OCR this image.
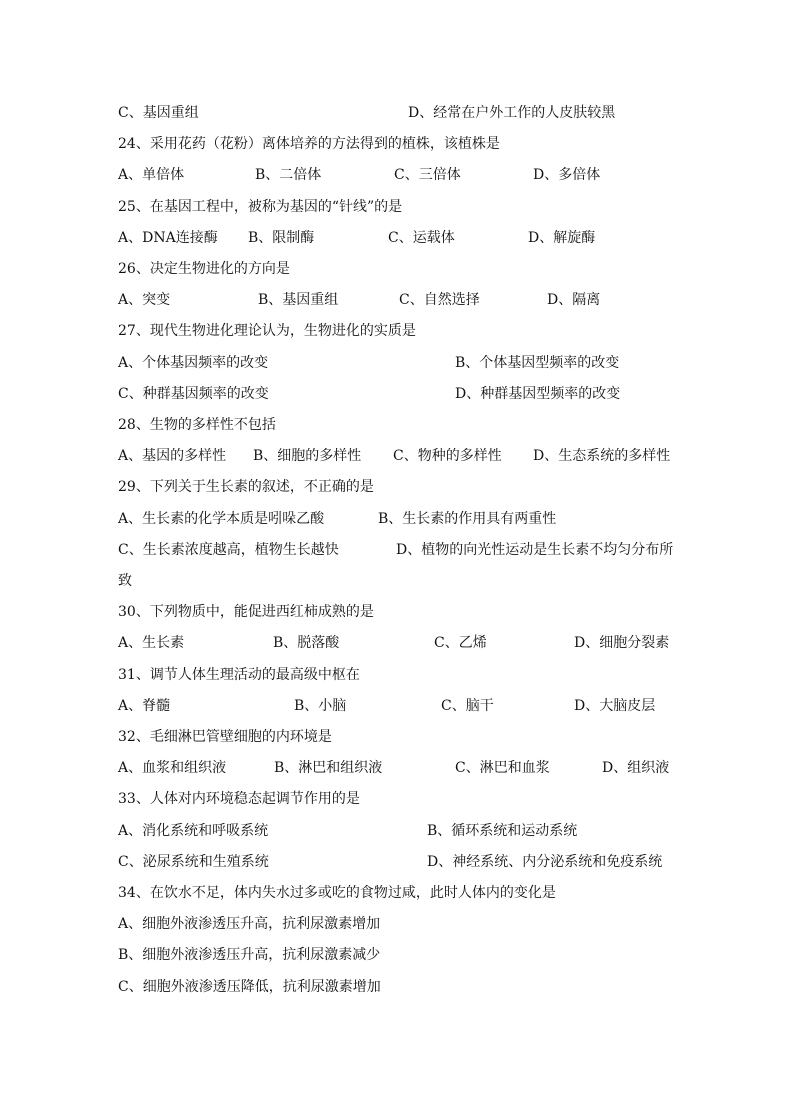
C、基因重组	D、经常在户外工作的人皮肤较黑
24、采用花药（花粉）离体培养的方法得到的植株，该植株是
A、单倍体	B、二倍体	C、三倍体	D、多倍体
25、在基因工程中，被称为基因的“针线”的是
A、DNA连接酶 B、限制酶	C、运载体	D、解旋酶
26、决定生物进化的方向是
A、突变	B、基因重组	C、自然选择	D、隔离
27、现代生物进化理论认为，生物进化的实质是
A、个体基因频率的改变	B、个体基因型频率的改变
C、种群基因频率的改变	D、种群基因型频率的改变
28、生物的多样性不包括
A、基因的多样性 B、细胞的多样性 C、物种的多样性 D、生态系统的多样性
29、下列关于生长素的叙述，不正确的是
A、生长素的化学本质是吲哚乙酸	B、生长素的作用具有两重性
C、生长素浓度越高，植物生长越快	D、植物的向光性运动是生长素不均匀分布所
致
30、下列物质中，能促进西红柿成熟的是
A、生长素	B、脱落酸	C、乙烯	D、细胞分裂素
31、调节人体生理活动的最高级中枢在
A、脊髓	B、小脑	C、脑干	D、大脑皮层
32、毛细淋巴管壁细胞的内环境是
A、血浆和组织液	B、淋巴和组织液	C、淋巴和血浆	D、组织液
33、人体对内环境稳态起调节作用的是
A、消化系统和呼吸系统	B、循环系统和运动系统
C、泌尿系统和生殖系统	D、神经系统、内分泌系统和免疫系统
34、在饮水不足，体内失水过多或吃的食物过咸，此时人体内的变化是
A、细胞外液渗透压升高，抗利尿激素增加
B、细胞外液渗透压升高，抗利尿激素减少
C、细胞外液渗透压降低，抗利尿激素增加
